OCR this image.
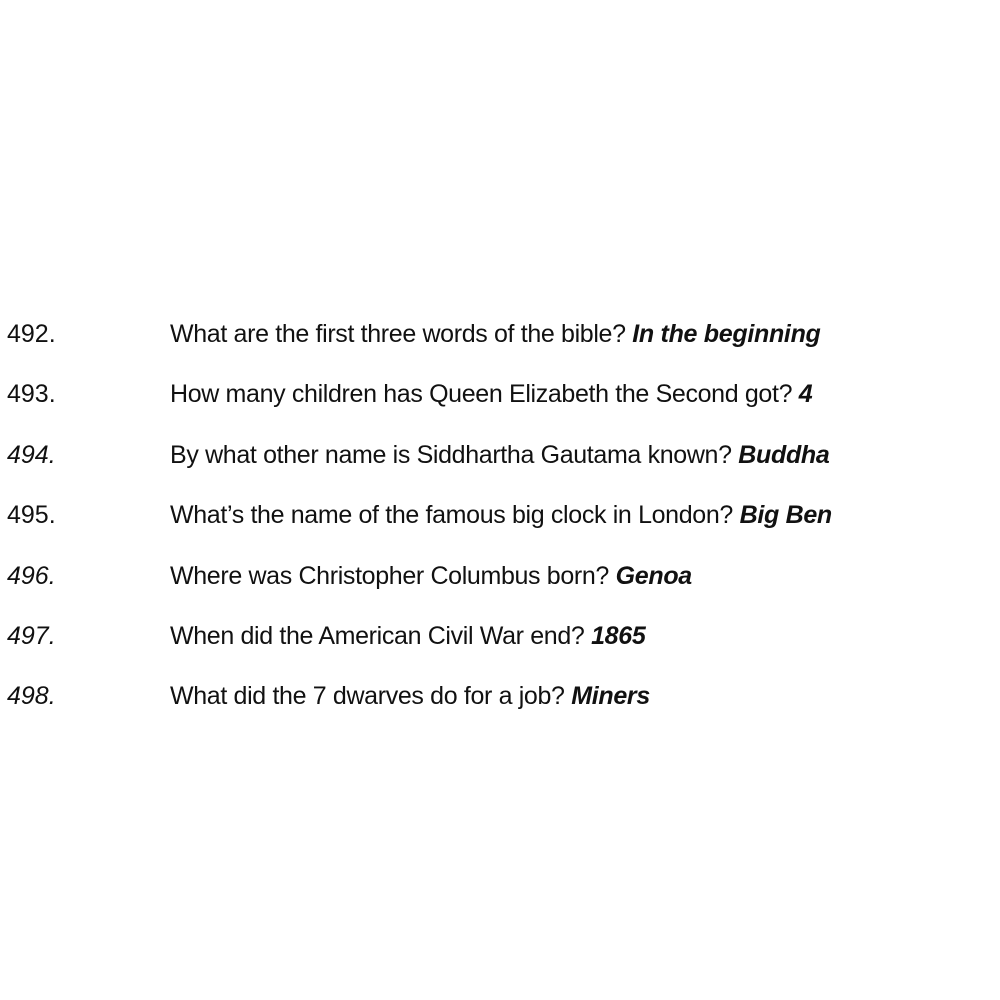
492.	What are the first three words of the bible? In the beginning
493.	How many children has Queen Elizabeth the Second got? 4
494.	By what other name is Siddhartha Gautama known? Buddha
495.	What’s the name of the famous big clock in London? Big Ben
496.	Where was Christopher Columbus born? Genoa
497.	When did the American Civil War end? 1865
498.	What did the 7 dwarves do for a job? Miners
